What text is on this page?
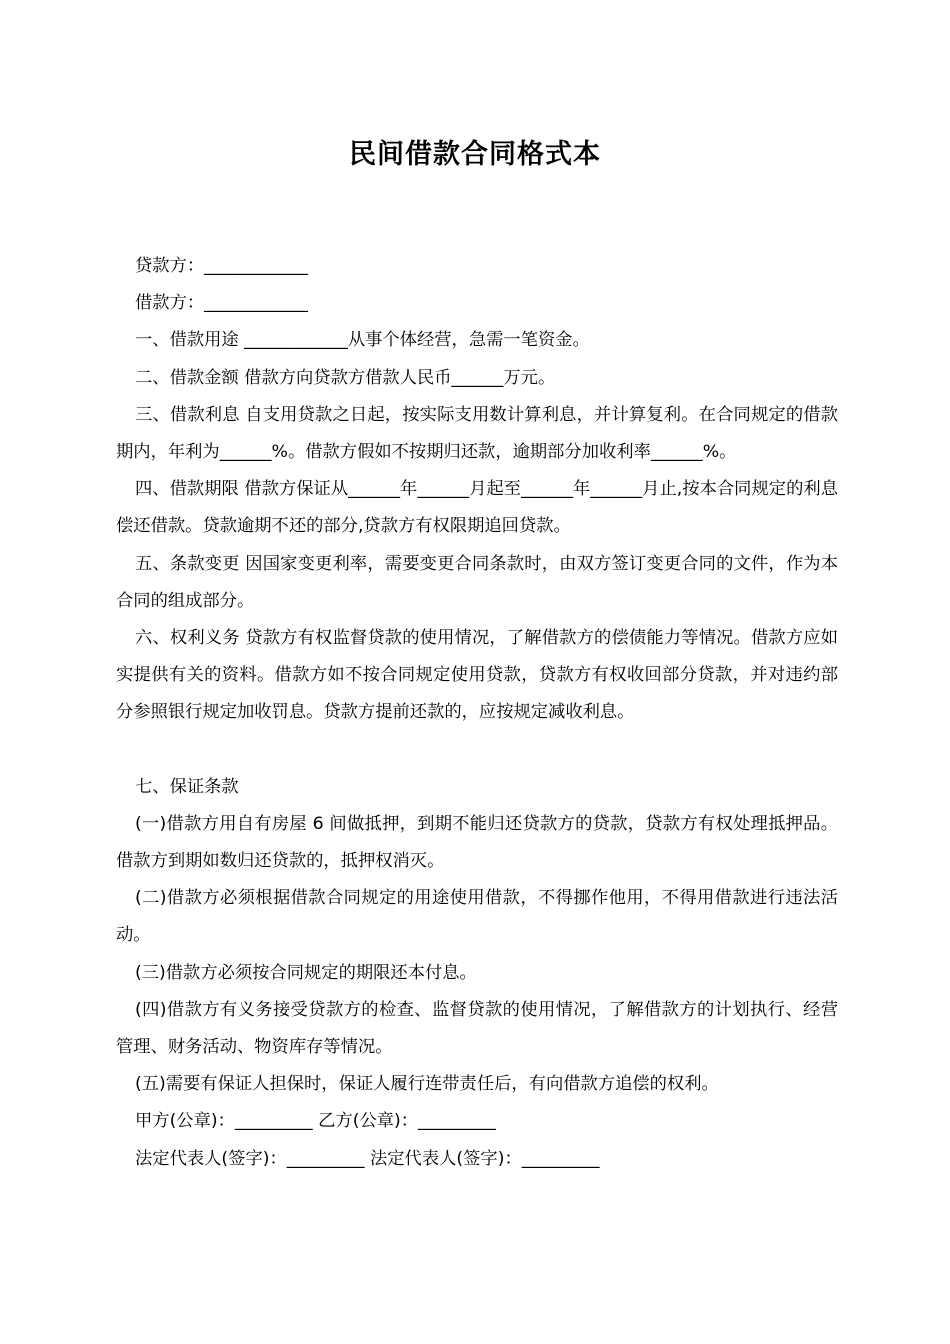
民间借款合同格式本

贷款方：____________

借款方：____________

一、借款用途 ____________从事个体经营，急需一笔资金。

二、借款金额 借款方向贷款方借款人民币______万元。

三、借款利息 自支用贷款之日起，按实际支用数计算利息，并计算复利。在合同规定的借款期内，年利为______%。借款方假如不按期归还款，逾期部分加收利率______%。

四、借款期限 借款方保证从______年______月起至______年______月止,按本合同规定的利息偿还借款。贷款逾期不还的部分,贷款方有权限期追回贷款。

五、条款变更 因国家变更利率，需要变更合同条款时，由双方签订变更合同的文件，作为本合同的组成部分。

六、权利义务 贷款方有权监督贷款的使用情况，了解借款方的偿债能力等情况。借款方应如实提供有关的资料。借款方如不按合同规定使用贷款，贷款方有权收回部分贷款，并对违约部分参照银行规定加收罚息。贷款方提前还款的，应按规定减收利息。

七、保证条款

(一)借款方用自有房屋 6 间做抵押，到期不能归还贷款方的贷款，贷款方有权处理抵押品。借款方到期如数归还贷款的，抵押权消灭。

(二)借款方必须根据借款合同规定的用途使用借款，不得挪作他用，不得用借款进行违法活动。

(三)借款方必须按合同规定的期限还本付息。

(四)借款方有义务接受贷款方的检查、监督贷款的使用情况，了解借款方的计划执行、经营管理、财务活动、物资库存等情况。

(五)需要有保证人担保时，保证人履行连带责任后，有向借款方追偿的权利。

甲方(公章)：_________ 乙方(公章)：_________

法定代表人(签字)：_________ 法定代表人(签字)：_________
